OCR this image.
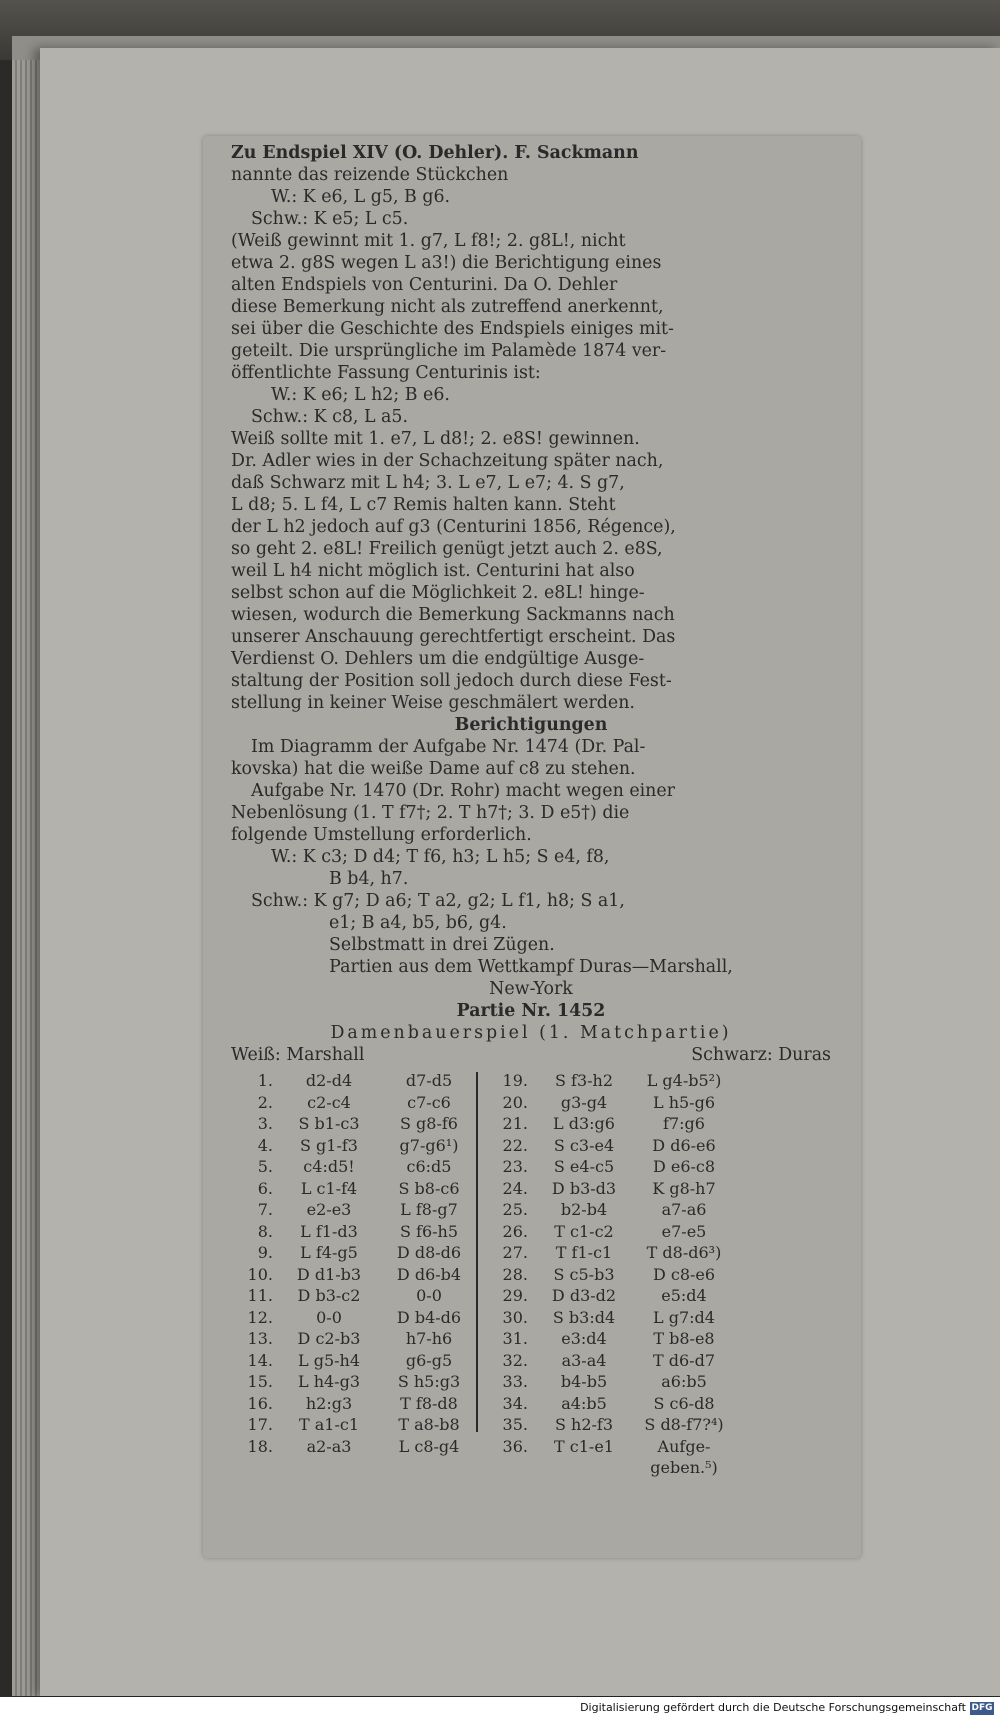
Zu Endspiel XIV (O. Dehler). F. Sackmann
nannte das reizende Stückchen
W.: K e6, L g5, B g6.
Schw.: K e5; L c5.
(Weiß gewinnt mit 1. g7, L f8!; 2. g8L!, nicht
etwa 2. g8S wegen L a3!) die Berichtigung eines
alten Endspiels von Centurini. Da O. Dehler
diese Bemerkung nicht als zutreffend anerkennt,
sei über die Geschichte des Endspiels einiges mit-
geteilt. Die ursprüngliche im Palamède 1874 ver-
öffentlichte Fassung Centurinis ist:
W.: K e6; L h2; B e6.
Schw.: K c8, L a5.
Weiß sollte mit 1. e7, L d8!; 2. e8S! gewinnen.
Dr. Adler wies in der Schachzeitung später nach,
daß Schwarz mit L h4; 3. L e7, L e7; 4. S g7,
L d8; 5. L f4, L c7 Remis halten kann. Steht
der L h2 jedoch auf g3 (Centurini 1856, Régence),
so geht 2. e8L! Freilich genügt jetzt auch 2. e8S,
weil L h4 nicht möglich ist. Centurini hat also
selbst schon auf die Möglichkeit 2. e8L! hinge-
wiesen, wodurch die Bemerkung Sackmanns nach
unserer Anschauung gerechtfertigt erscheint. Das
Verdienst O. Dehlers um die endgültige Ausge-
staltung der Position soll jedoch durch diese Fest-
stellung in keiner Weise geschmälert werden.
Berichtigungen
Im Diagramm der Aufgabe Nr. 1474 (Dr. Pal-
kovska) hat die weiße Dame auf c8 zu stehen.
Aufgabe Nr. 1470 (Dr. Rohr) macht wegen einer
Nebenlösung (1. T f7†; 2. T h7†; 3. D e5†) die
folgende Umstellung erforderlich.
W.: K c3; D d4; T f6, h3; L h5; S e4, f8,
B b4, h7.
Schw.: K g7; D a6; T a2, g2; L f1, h8; S a1,
e1; B a4, b5, b6, g4.
Selbstmatt in drei Zügen.
Partien aus dem Wettkampf Duras—Marshall,
New-York
Partie Nr. 1452
Damenbauerspiel (1. Matchpartie)
Weiß: Marshall	Schwarz: Duras
1.	d2-d4	d7-d5
2.	c2-c4	c7-c6
3.	S b1-c3	S g8-f6
4.	S g1-f3	g7-g6¹)
5.	c4:d5!	c6:d5
6.	L c1-f4	S b8-c6
7.	e2-e3	L f8-g7
8.	L f1-d3	S f6-h5
9.	L f4-g5	D d8-d6
10.	D d1-b3	D d6-b4
11.	D b3-c2	0-0
12.	0-0	D b4-d6
13.	D c2-b3	h7-h6
14.	L g5-h4	g6-g5
15.	L h4-g3	S h5:g3
16.	h2:g3	T f8-d8
17.	T a1-c1	T a8-b8
18.	a2-a3	L c8-g4
19.	S f3-h2	L g4-b5²)
20.	g3-g4	L h5-g6
21.	L d3:g6	f7:g6
22.	S c3-e4	D d6-e6
23.	S e4-c5	D e6-c8
24.	D b3-d3	K g8-h7
25.	b2-b4	a7-a6
26.	T c1-c2	e7-e5
27.	T f1-c1	T d8-d6³)
28.	S c5-b3	D c8-e6
29.	D d3-d2	e5:d4
30.	S b3:d4	L g7:d4
31.	e3:d4	T b8-e8
32.	a3-a4	T d6-d7
33.	b4-b5	a6:b5
34.	a4:b5	S c6-d8
35.	S h2-f3	S d8-f7?⁴)
36.	T c1-e1	Aufge-
geben.⁵)
Digitalisierung gefördert durch die Deutsche Forschungsgemeinschaft DFG
